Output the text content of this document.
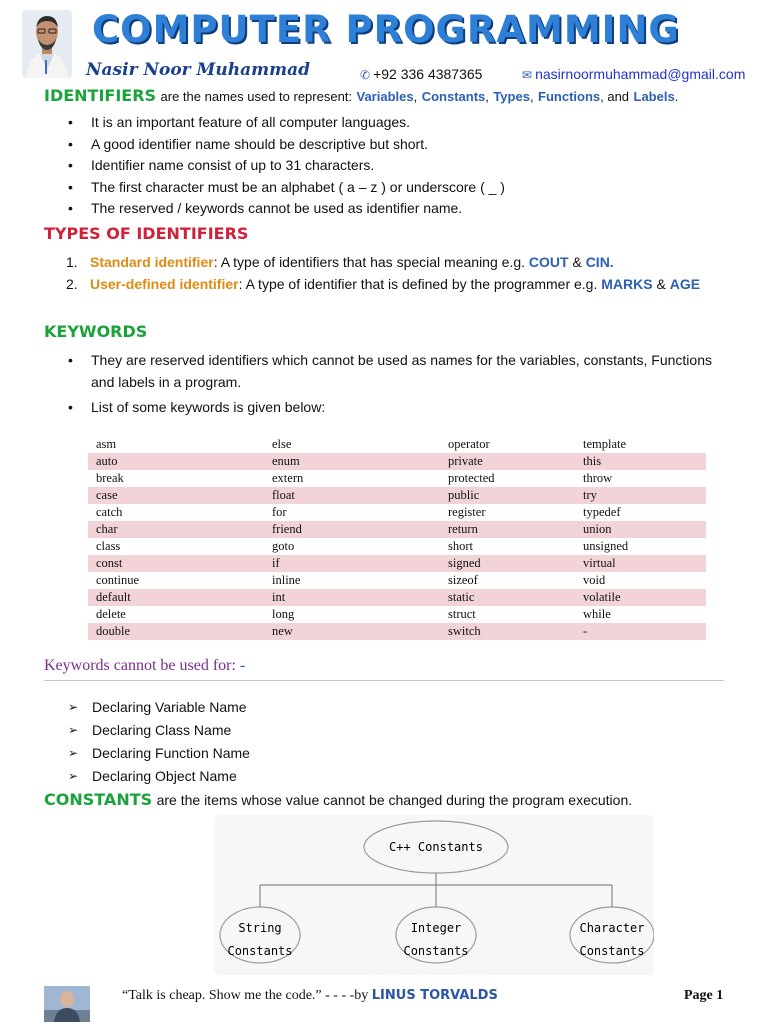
COMPUTER PROGRAMMING
Nasir Noor Muhammad	✆ +92 336 4387365	✉ nasirnoormuhammad@gmail.com
IDENTIFIERS are the names used to represent: Variables, Constants, Types, Functions, and Labels.
• It is an important feature of all computer languages.
• A good identifier name should be descriptive but short.
• Identifier name consist of up to 31 characters.
• The first character must be an alphabet ( a – z ) or underscore ( _ )
• The reserved / keywords cannot be used as identifier name.
TYPES OF IDENTIFIERS
1. Standard identifier: A type of identifiers that has special meaning e.g. COUT & CIN.
2. User-defined identifier: A type of identifier that is defined by the programmer e.g. MARKS & AGE
KEYWORDS
• They are reserved identifiers which cannot be used as names for the variables, constants, Functions and labels in a program.
• List of some keywords is given below:
asm	else	operator	template
auto	enum	private	this
break	extern	protected	throw
case	float	public	try
catch	for	register	typedef
char	friend	return	union
class	goto	short	unsigned
const	if	signed	virtual
continue	inline	sizeof	void
default	int	static	volatile
delete	long	struct	while
double	new	switch	-
Keywords cannot be used for: -
➢ Declaring Variable Name
➢ Declaring Class Name
➢ Declaring Function Name
➢ Declaring Object Name
CONSTANTS are the items whose value cannot be changed during the program execution.
C++ Constants
String
Constants
Integer
Constants
Character
Constants
“Talk is cheap. Show me the code.” - - - -by LINUS TORVALDS	Page 1
